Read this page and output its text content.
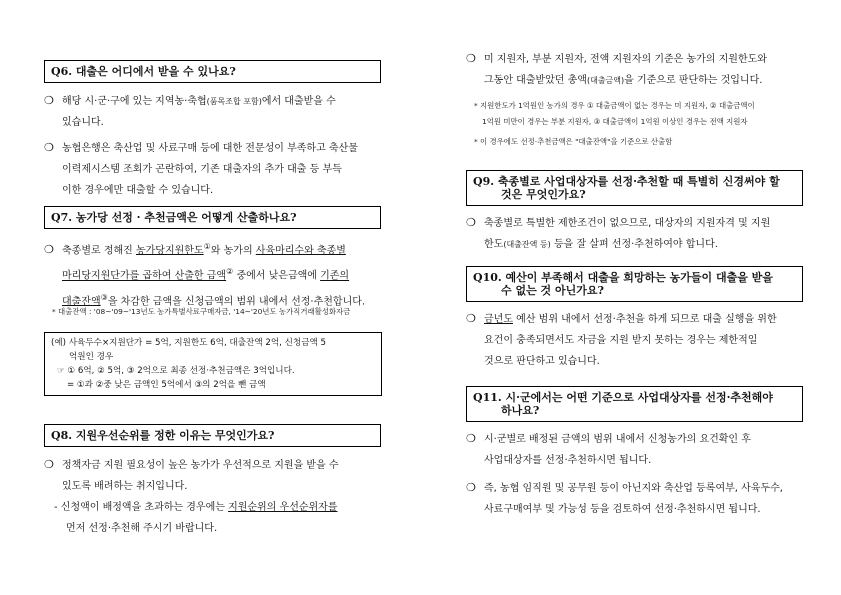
Q6. 대출은 어디에서 받을 수 있나요?
❍ 해당 시·군·구에 있는 지역농·축협(품목조합 포함)에서 대출받을 수
있습니다.
❍ 농협은행은 축산업 및 사료구매 등에 대한 전문성이 부족하고 축산물
이력제시스템 조회가 곤란하여, 기존 대출자의 추가 대출 등 부득
이한 경우에만 대출할 수 있습니다.
Q7. 농가당 선정 · 추천금액은 어떻게 산출하나요?
❍ 축종별로 정해진 농가당지원한도①와 농가의 사육마리수와 축종별
마리당지원단가를 곱하여 산출한 금액② 중에서 낮은금액에 기존의
대출잔액③을 차감한 금액을 신청금액의 범위 내에서 선정·추천합니다.
* 대출잔액 : '08~'09~'13년도 농가특별사료구매자금, '14~'20년도 농가직거래활성화자금
(예) 사육두수×지원단가 = 5억, 지원한도 6억, 대출잔액 2억, 신청금액 5
억원인 경우
☞ ① 6억, ② 5억, ③ 2억으로 최종 선정·추천금액은 3억입니다.
= ①과 ②중 낮은 금액인 5억에서 ③의 2억을 뺀 금액
Q8. 지원우선순위를 정한 이유는 무엇인가요?
❍ 정책자금 지원 필요성이 높은 농가가 우선적으로 지원을 받을 수
있도록 배려하는 취지입니다.
- 신청액이 배정액을 초과하는 경우에는 지원순위의 우선순위자를
먼저 선정·추천해 주시기 바랍니다.
❍ 미 지원자, 부분 지원자, 전액 지원자의 기준은 농가의 지원한도와
그동안 대출받았던 총액(대출금액)을 기준으로 판단하는 것입니다.
* 지원한도가 1억원인 농가의 경우 ① 대출금액이 없는 경우는 미 지원자, ② 대출금액이
1억원 미만이 경우는 부분 지원자, ③ 대출금액이 1억원 이상인 경우는 전액 지원자
* 이 경우에도 선정·추천금액은 "대출잔액"을 기준으로 산출함
Q9. 축종별로 사업대상자를 선정·추천할 때 특별히 신경써야 할
것은 무엇인가요?
❍ 축종별로 특별한 제한조건이 없으므로, 대상자의 지원자격 및 지원
한도(대출잔액 등) 등을 잘 살펴 선정·추천하여야 합니다.
Q10. 예산이 부족해서 대출을 희망하는 농가들이 대출을 받을
수 없는 것 아닌가요?
❍ 금년도 예산 범위 내에서 선정·추천을 하게 되므로 대출 실행을 위한
요건이 충족되면서도 자금을 지원 받지 못하는 경우는 제한적일
것으로 판단하고 있습니다.
Q11. 시·군에서는 어떤 기준으로 사업대상자를 선정·추천해야
하나요?
❍ 시·군별로 배정된 금액의 범위 내에서 신청농가의 요건확인 후
사업대상자를 선정·추천하시면 됩니다.
❍ 즉, 농협 임직원 및 공무원 등이 아닌지와 축산업 등록여부, 사육두수,
사료구매여부 및 가능성 등을 검토하여 선정·추천하시면 됩니다.
